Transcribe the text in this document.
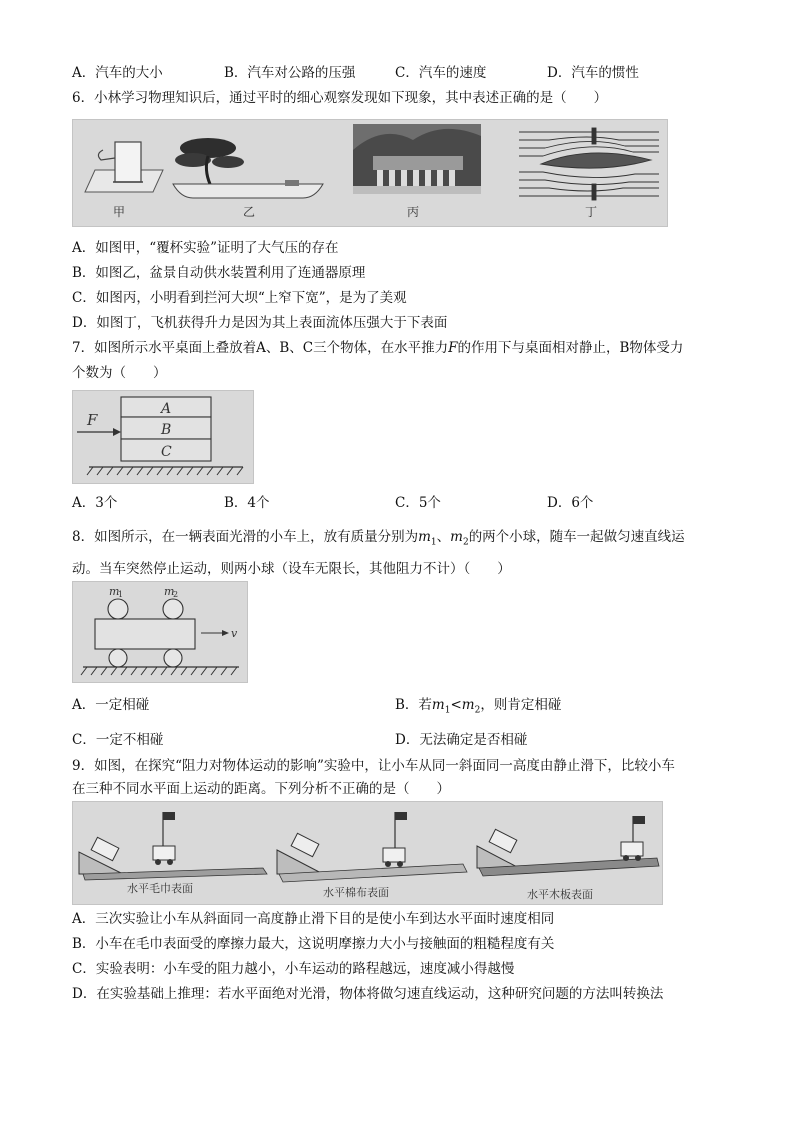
A．汽车的大小	B．汽车对公路的压强	C．汽车的速度	D．汽车的惯性
6．小林学习物理知识后，通过平时的细心观察发现如下现象，其中表述正确的是（　　）
甲	乙	丙	丁
A．如图甲，“覆杯实验”证明了大气压的存在
B．如图乙，盆景自动供水装置利用了连通器原理
C．如图丙，小明看到拦河大坝“上窄下宽”，是为了美观
D．如图丁，飞机获得升力是因为其上表面流体压强大于下表面
7．如图所示水平桌面上叠放着A、B、C三个物体，在水平推力F的作用下与桌面相对静止，B物体受力
个数为（　　）
F
A
B
C
A．3个	B．4个	C．5个	D．6个
8．如图所示，在一辆表面光滑的小车上，放有质量分别为$m_1$、$m_2$的两个小球，随车一起做匀速直线运
动。当车突然停止运动，则两小球（设车无限长，其他阻力不计）（　　）
m
1	m
2
v
A．一定相碰	B．若$m_1<m_2$，则肯定相碰
C．一定不相碰	D．无法确定是否相碰
9．如图，在探究“阻力对物体运动的影响”实验中，让小车从同一斜面同一高度由静止滑下，比较小车
在三种不同水平面上运动的距离。下列分析不正确的是（　　）
水平毛巾表面	水平棉布表面	水平木板表面
A．三次实验让小车从斜面同一高度静止滑下目的是使小车到达水平面时速度相同
B．小车在毛巾表面受的摩擦力最大，这说明摩擦力大小与接触面的粗糙程度有关
C．实验表明：小车受的阻力越小，小车运动的路程越远，速度减小得越慢
D．在实验基础上推理：若水平面绝对光滑，物体将做匀速直线运动，这种研究问题的方法叫转换法
